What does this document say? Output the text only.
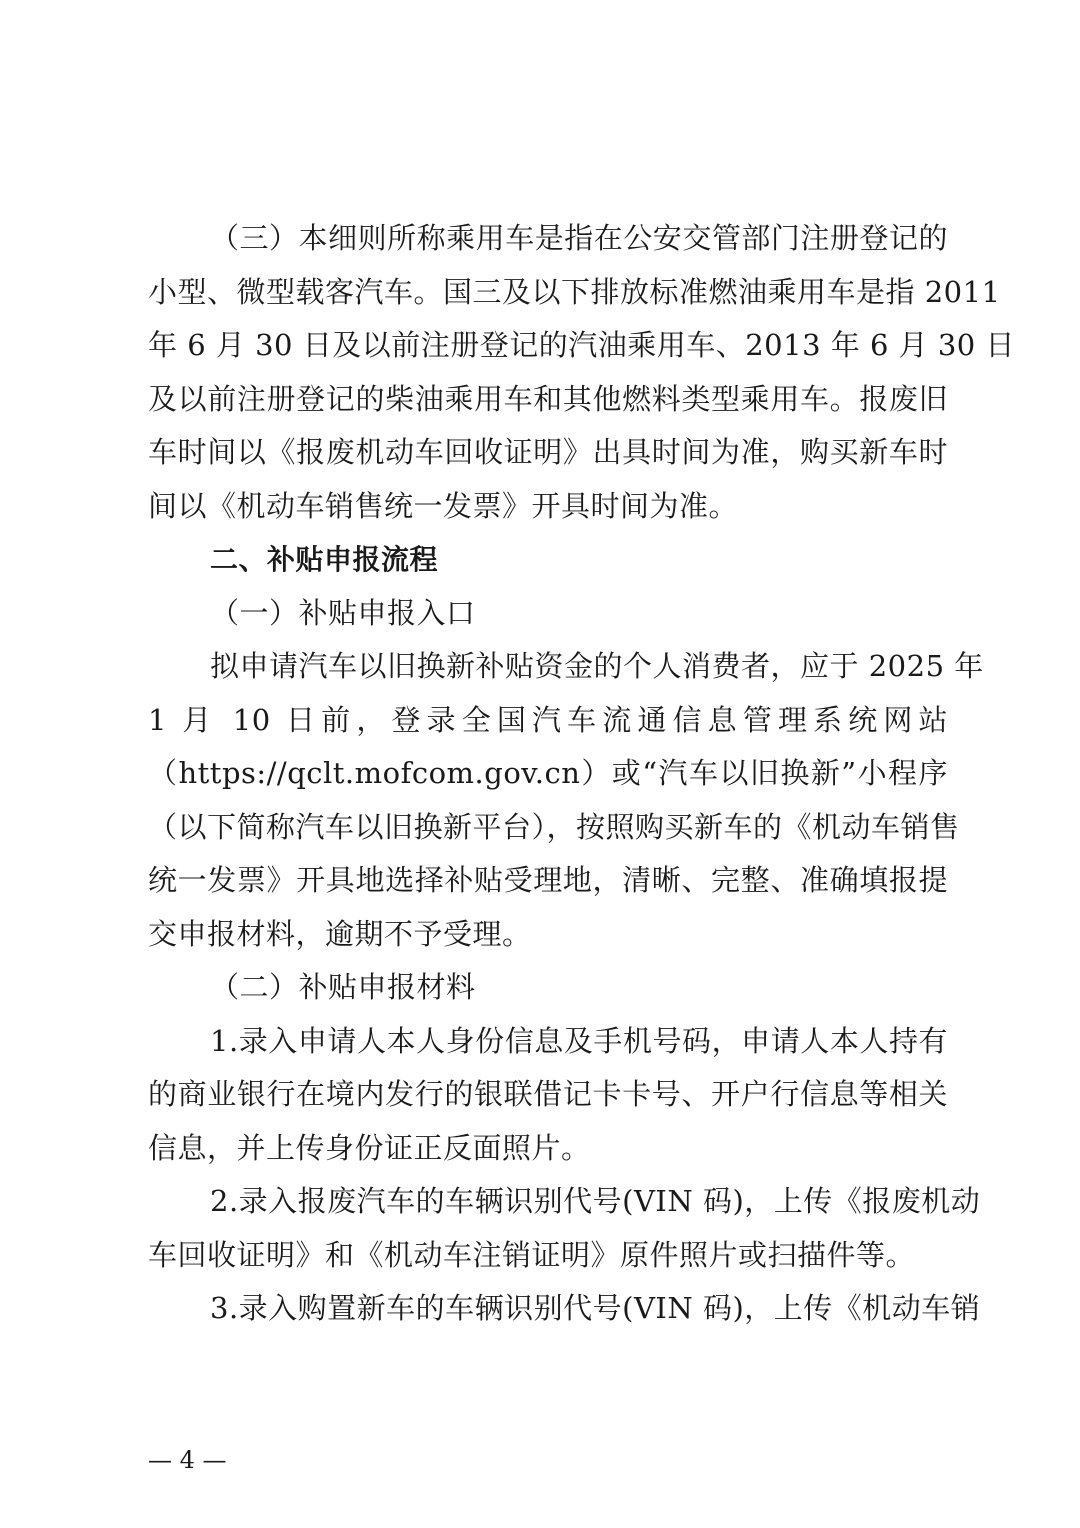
（三）本细则所称乘用车是指在公安交管部门注册登记的
小型、微型载客汽车。国三及以下排放标准燃油乘用车是指 2011
年 6 月 30 日及以前注册登记的汽油乘用车、2013 年 6 月 30 日
及以前注册登记的柴油乘用车和其他燃料类型乘用车。报废旧
车时间以《报废机动车回收证明》出具时间为准，购买新车时
间以《机动车销售统一发票》开具时间为准。
二、补贴申报流程
（一）补贴申报入口
拟申请汽车以旧换新补贴资金的个人消费者，应于 2025 年
1 月 10 日前，登录全国汽车流通信息管理系统网站
（https://qclt.mofcom.gov.cn）或“汽车以旧换新”小程序
（以下简称汽车以旧换新平台），按照购买新车的《机动车销售
统一发票》开具地选择补贴受理地，清晰、完整、准确填报提
交申报材料，逾期不予受理。
（二）补贴申报材料
1.录入申请人本人身份信息及手机号码，申请人本人持有
的商业银行在境内发行的银联借记卡卡号、开户行信息等相关
信息，并上传身份证正反面照片。
2.录入报废汽车的车辆识别代号(VIN 码)，上传《报废机动
车回收证明》和《机动车注销证明》原件照片或扫描件等。
3.录入购置新车的车辆识别代号(VIN 码)，上传《机动车销
— 4 —
